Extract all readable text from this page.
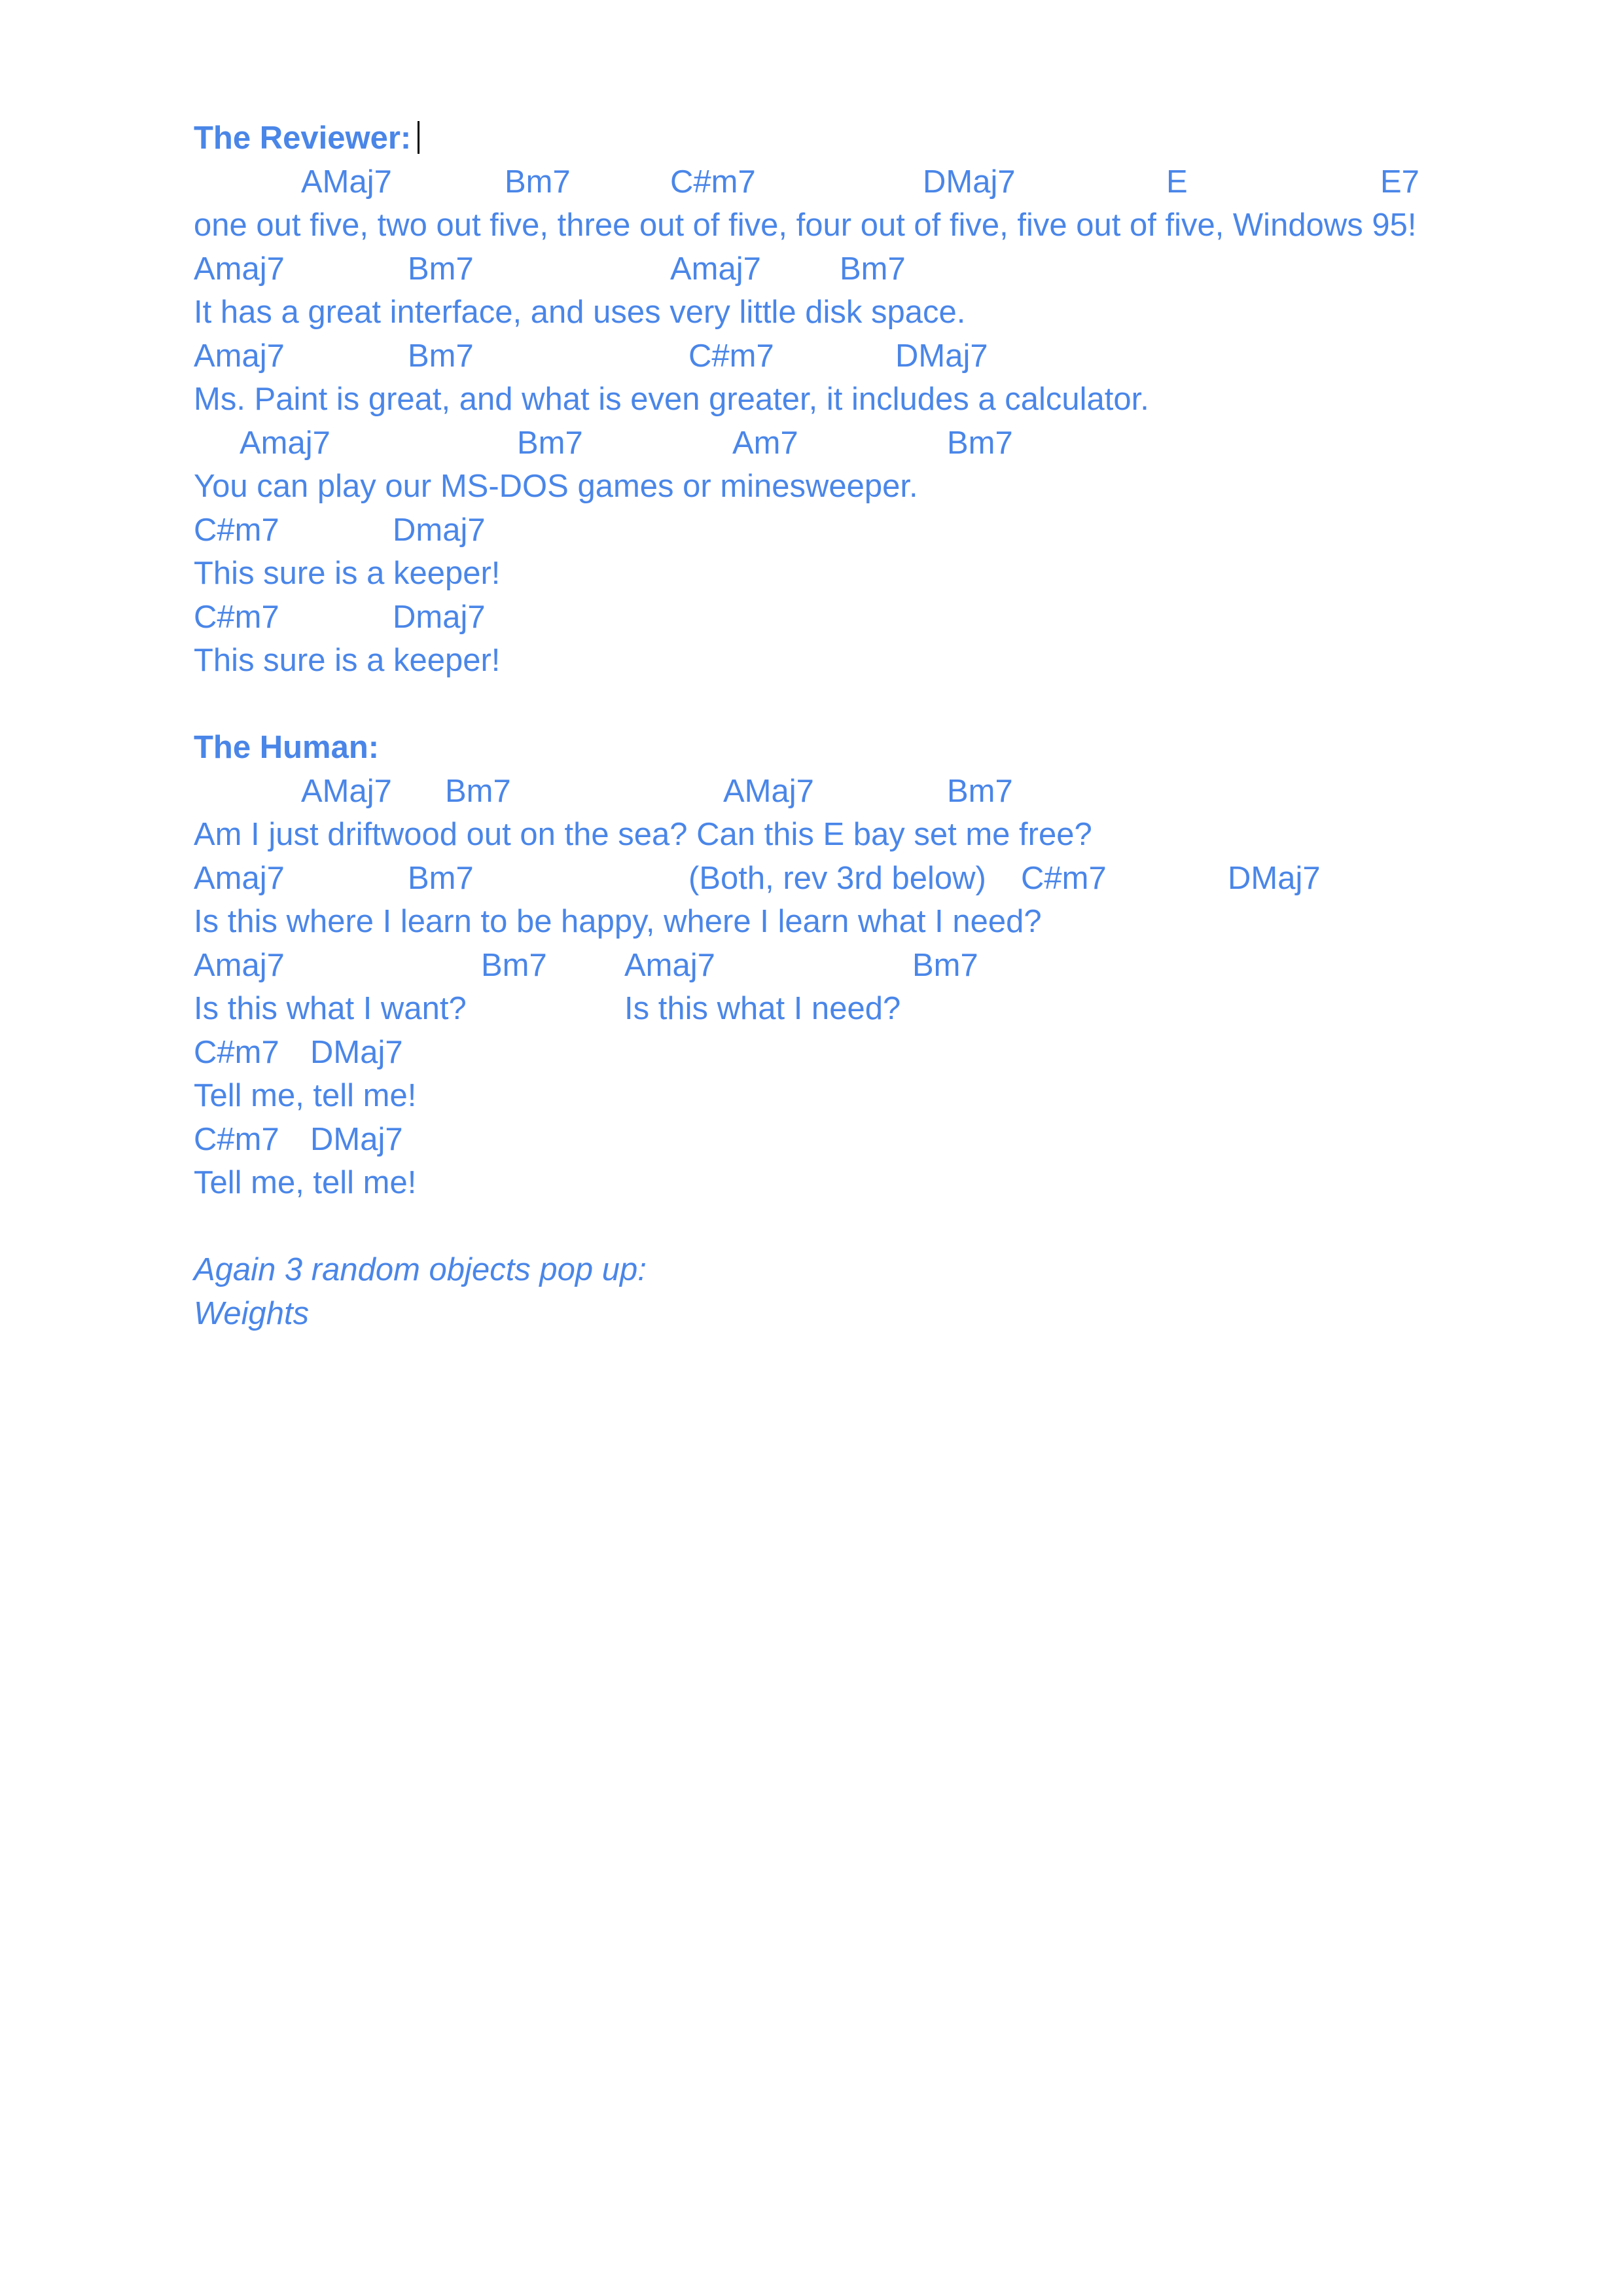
The Reviewer:
AMaj7	Bm7	C#m7	DMaj7	E	E7
one out five, two out five, three out of five, four out of five, five out of five, Windows 95!
Amaj7	Bm7	Amaj7 Bm7
It has a great interface, and uses very little disk space.
Amaj7	Bm7	C#m7	DMaj7
Ms. Paint is great, and what is even greater, it includes a calculator.
Amaj7	Bm7	Am7	Bm7
You can play our MS-DOS games or minesweeper.
C#m7	Dmaj7
This sure is a keeper!
C#m7	Dmaj7
This sure is a keeper!
The Human:
AMaj7 Bm7	AMaj7	Bm7
Am I just driftwood out on the sea? Can this E bay set me free?
Amaj7	Bm7	(Both, rev 3rd below) C#m7	DMaj7
Is this where I learn to be happy, where I learn what I need?
Amaj7	Bm7 Amaj7	Bm7
Is this what I want?	Is this what I need?
C#m7 DMaj7
Tell me, tell me!
C#m7 DMaj7
Tell me, tell me!
Again 3 random objects pop up:
Weights
